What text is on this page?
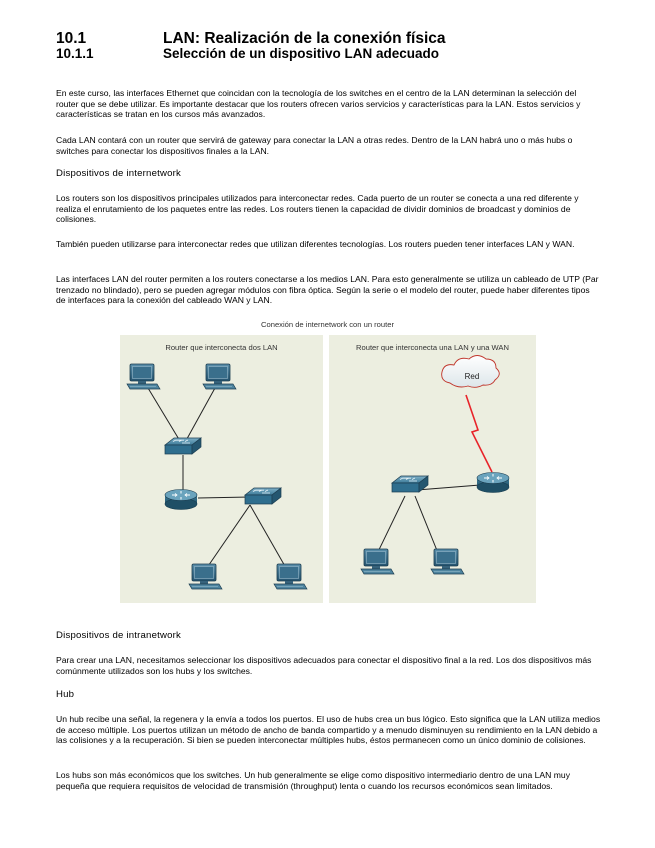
10.1	LAN: Realización de la conexión física
10.1.1	Selección de un dispositivo LAN adecuado

En este curso, las interfaces Ethernet que coincidan con la tecnología de los switches en el centro de la LAN determinan la selección del router que se debe utilizar. Es importante destacar que los routers ofrecen varios servicios y características para la LAN. Estos servicios y características se tratan en los cursos más avanzados.

Cada LAN contará con un router que servirá de gateway para conectar la LAN a otras redes. Dentro de la LAN habrá uno o más hubs o switches para conectar los dispositivos finales a la LAN.

Dispositivos de internetwork

Los routers son los dispositivos principales utilizados para interconectar redes. Cada puerto de un router se conecta a una red diferente y realiza el enrutamiento de los paquetes entre las redes. Los routers tienen la capacidad de dividir dominios de broadcast y dominios de colisiones.

También pueden utilizarse para interconectar redes que utilizan diferentes tecnologías. Los routers pueden tener interfaces LAN y WAN.

Las interfaces LAN del router permiten a los routers conectarse a los medios LAN. Para esto generalmente se utiliza un cableado de UTP (Par trenzado no blindado), pero se pueden agregar módulos con fibra óptica. Según la serie o el modelo del router, puede haber diferentes tipos de interfaces para la conexión del cableado WAN y LAN.

Conexión de internetwork con un router
Router que interconecta dos LAN	Router que interconecta una LAN y una WAN
Red

Dispositivos de intranetwork

Para crear una LAN, necesitamos seleccionar los dispositivos adecuados para conectar el dispositivo final a la red. Los dos dispositivos más comúnmente utilizados son los hubs y los switches.

Hub

Un hub recibe una señal, la regenera y la envía a todos los puertos. El uso de hubs crea un bus lógico. Esto significa que la LAN utiliza medios de acceso múltiple. Los puertos utilizan un método de ancho de banda compartido y a menudo disminuyen su rendimiento en la LAN debido a las colisiones y a la recuperación. Si bien se pueden interconectar múltiples hubs, éstos permanecen como un único dominio de colisiones.

Los hubs son más económicos que los switches. Un hub generalmente se elige como dispositivo intermediario dentro de una LAN muy pequeña que requiera requisitos de velocidad de transmisión (throughput) lenta o cuando los recursos económicos sean limitados.
